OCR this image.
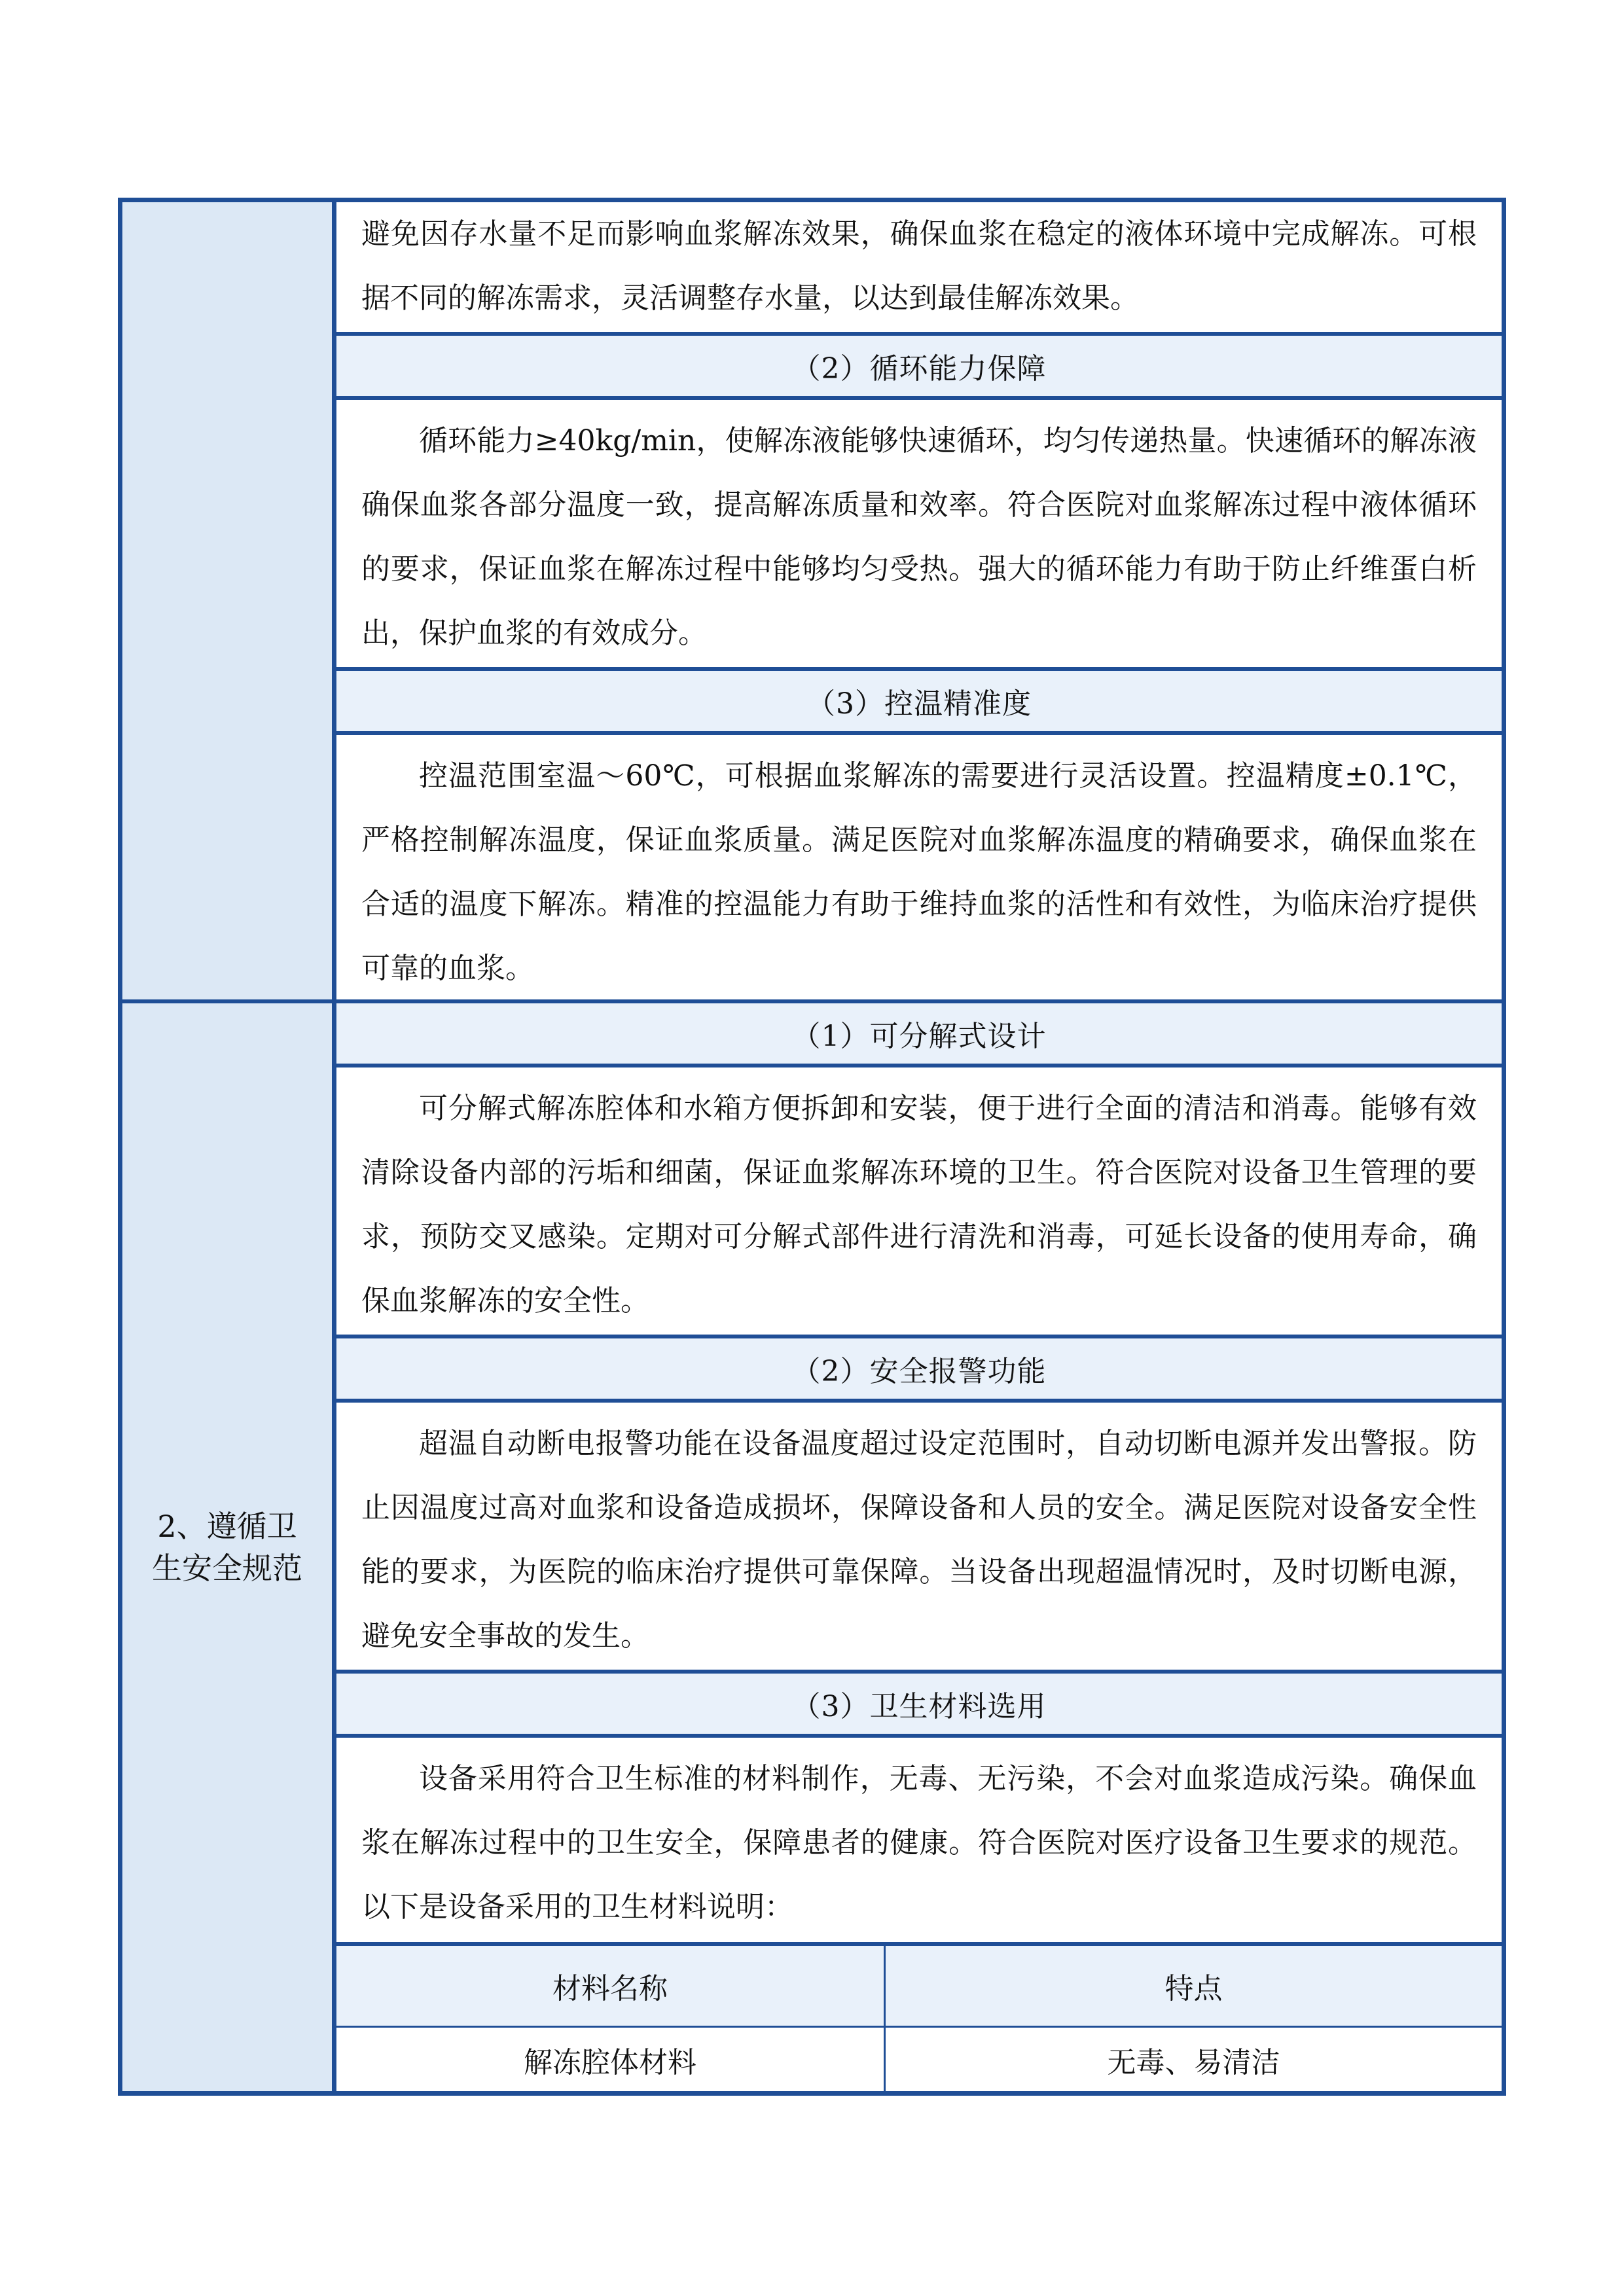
2、遵循卫生安全规范

避免因存水量不足而影响血浆解冻效果，确保血浆在稳定的液体环境中完成解冻。可根据不同的解冻需求，灵活调整存水量，以达到最佳解冻效果。

（2）循环能力保障

循环能力≥40kg/min，使解冻液能够快速循环，均匀传递热量。快速循环的解冻液确保血浆各部分温度一致，提高解冻质量和效率。符合医院对血浆解冻过程中液体循环的要求，保证血浆在解冻过程中能够均匀受热。强大的循环能力有助于防止纤维蛋白析出，保护血浆的有效成分。

（3）控温精准度

控温范围室温～60℃，可根据血浆解冻的需要进行灵活设置。控温精度±0.1℃，严格控制解冻温度，保证血浆质量。满足医院对血浆解冻温度的精确要求，确保血浆在合适的温度下解冻。精准的控温能力有助于维持血浆的活性和有效性，为临床治疗提供可靠的血浆。

（1）可分解式设计

可分解式解冻腔体和水箱方便拆卸和安装，便于进行全面的清洁和消毒。能够有效清除设备内部的污垢和细菌，保证血浆解冻环境的卫生。符合医院对设备卫生管理的要求，预防交叉感染。定期对可分解式部件进行清洗和消毒，可延长设备的使用寿命，确保血浆解冻的安全性。

（2）安全报警功能

超温自动断电报警功能在设备温度超过设定范围时，自动切断电源并发出警报。防止因温度过高对血浆和设备造成损坏，保障设备和人员的安全。满足医院对设备安全性能的要求，为医院的临床治疗提供可靠保障。当设备出现超温情况时，及时切断电源，避免安全事故的发生。

（3）卫生材料选用

设备采用符合卫生标准的材料制作，无毒、无污染，不会对血浆造成污染。确保血浆在解冻过程中的卫生安全，保障患者的健康。符合医院对医疗设备卫生要求的规范。以下是设备采用的卫生材料说明：

材料名称	特点
解冻腔体材料	无毒、易清洁
